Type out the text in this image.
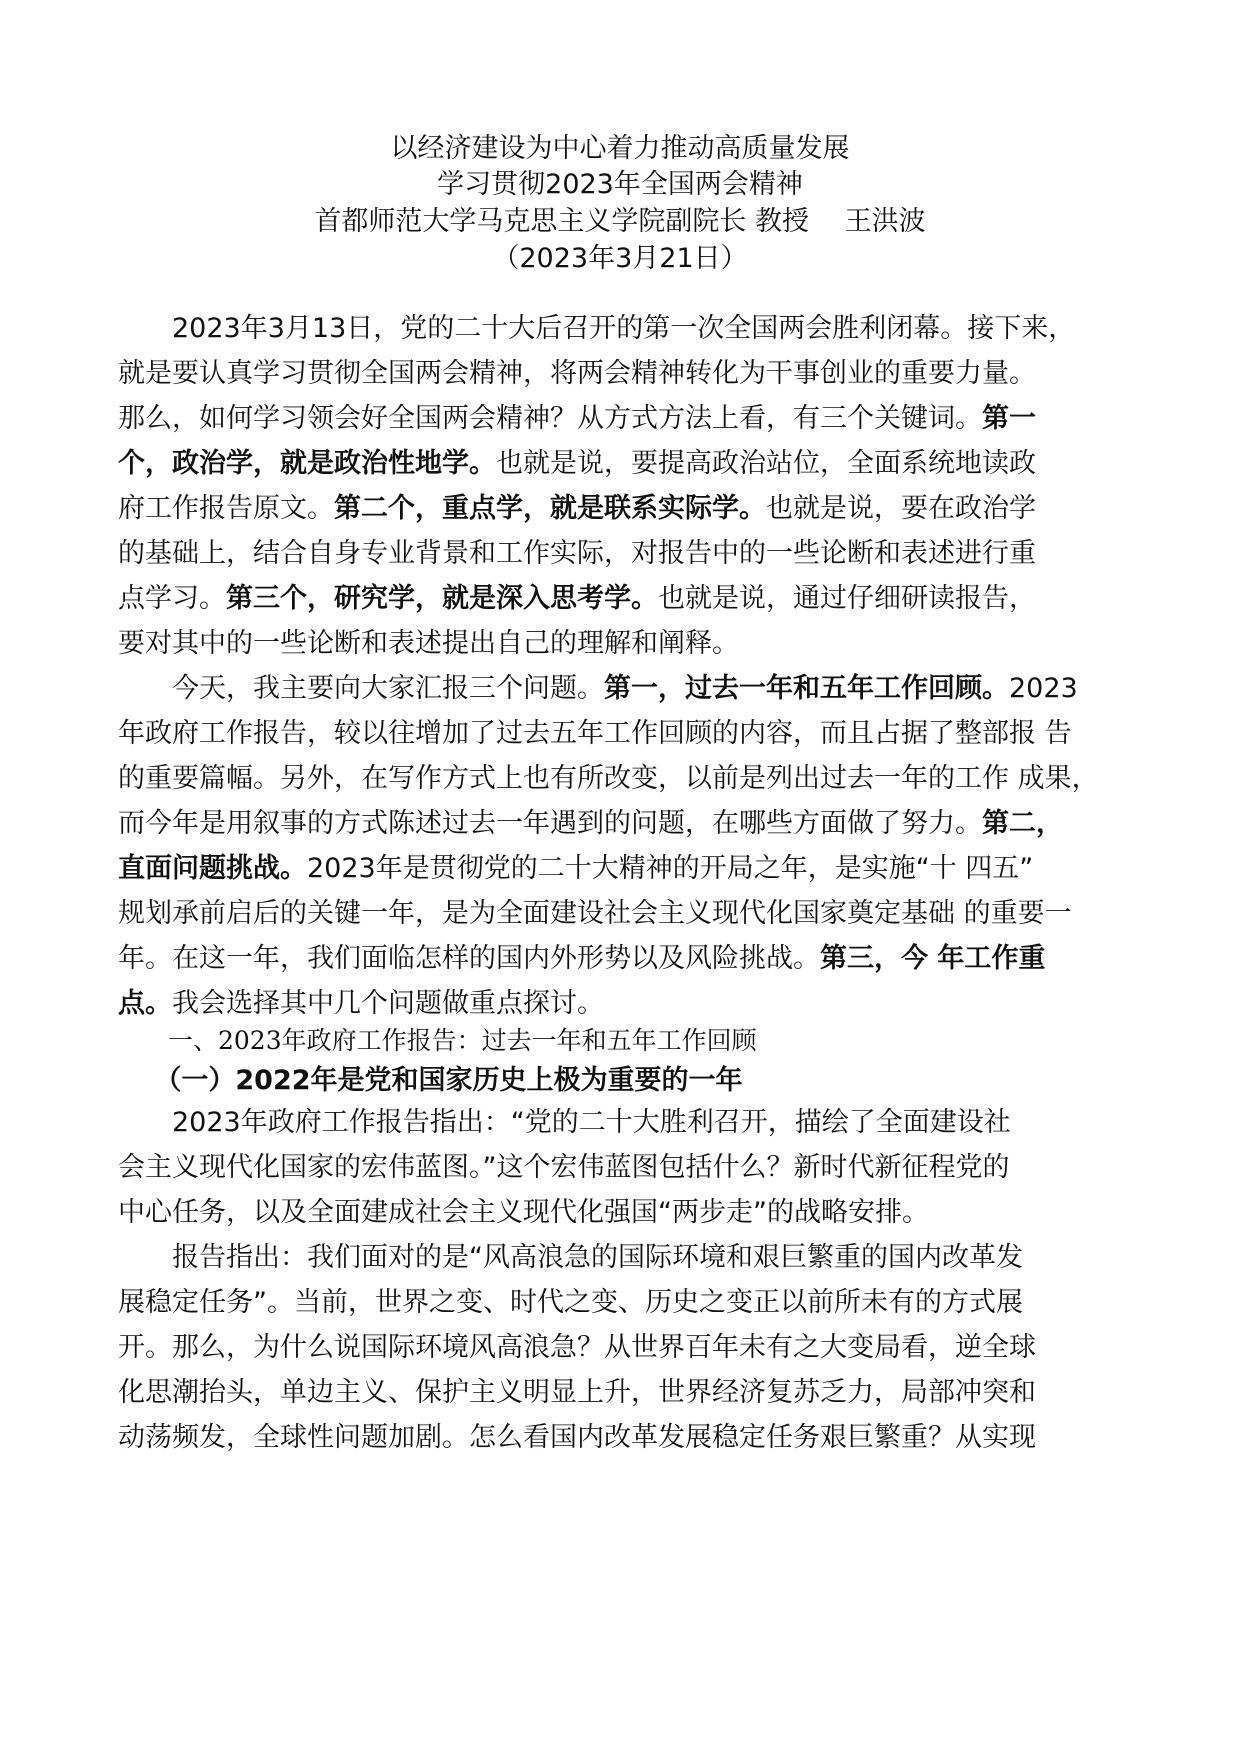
以经济建设为中心着力推动高质量发展
学习贯彻2023年全国两会精神
首都师范大学马克思主义学院副院长 教授 　王洪波
（2023年3月21日）
　　2023年3月13日，党的二十大后召开的第一次全国两会胜利闭幕。接下来，
就是要认真学习贯彻全国两会精神，将两会精神转化为干事创业的重要力量。
那么，如何学习领会好全国两会精神？从方式方法上看，有三个关键词。第一
个，政治学，就是政治性地学。也就是说，要提高政治站位，全面系统地读政
府工作报告原文。第二个，重点学，就是联系实际学。也就是说，要在政治学
的基础上，结合自身专业背景和工作实际，对报告中的一些论断和表述进行重
点学习。第三个，研究学，就是深入思考学。也就是说，通过仔细研读报告，
要对其中的一些论断和表述提出自己的理解和阐释。
　　今天，我主要向大家汇报三个问题。第一，过去一年和五年工作回顾。2023
年政府工作报告，较以往增加了过去五年工作回顾的内容，而且占据了整部报 告
的重要篇幅。另外，在写作方式上也有所改变，以前是列出过去一年的工作 成果，
而今年是用叙事的方式陈述过去一年遇到的问题，在哪些方面做了努力。第二，
直面问题挑战。2023年是贯彻党的二十大精神的开局之年，是实施“十 四五”
规划承前启后的关键一年，是为全面建设社会主义现代化国家奠定基础 的重要一
年。在这一年，我们面临怎样的国内外形势以及风险挑战。第三，今 年工作重
点。我会选择其中几个问题做重点探讨。
　　一、2023年政府工作报告：过去一年和五年工作回顾
　 （一）2022年是党和国家历史上极为重要的一年
　　2023年政府工作报告指出：“党的二十大胜利召开，描绘了全面建设社
会主义现代化国家的宏伟蓝图。”这个宏伟蓝图包括什么？新时代新征程党的
中心任务，以及全面建成社会主义现代化强国“两步走”的战略安排。
　　报告指出：我们面对的是“风高浪急的国际环境和艰巨繁重的国内改革发
展稳定任务”。当前，世界之变、时代之变、历史之变正以前所未有的方式展
开。那么，为什么说国际环境风高浪急？从世界百年未有之大变局看，逆全球
化思潮抬头，单边主义、保护主义明显上升，世界经济复苏乏力，局部冲突和
动荡频发，全球性问题加剧。怎么看国内改革发展稳定任务艰巨繁重？从实现
